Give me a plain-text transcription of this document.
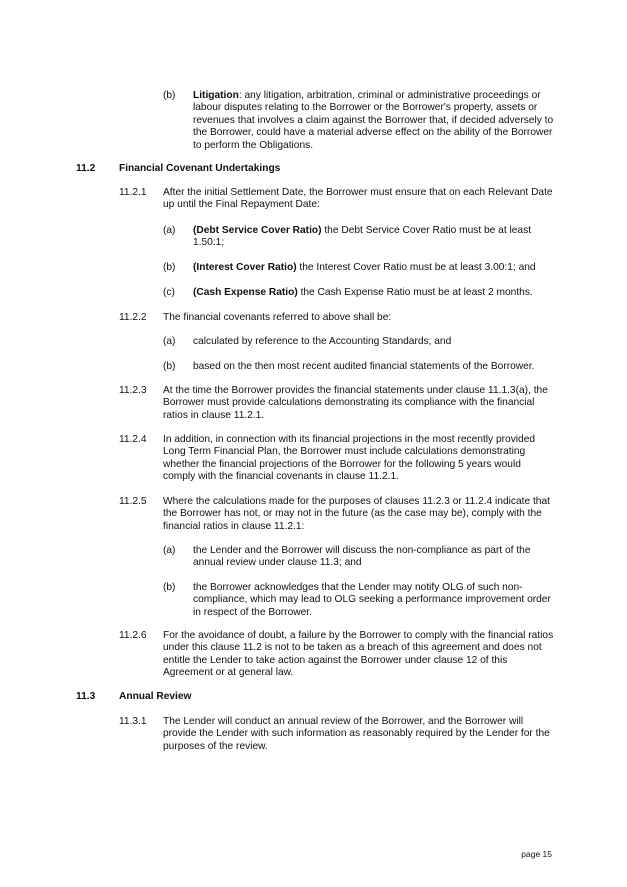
(b) Litigation: any litigation, arbitration, criminal or administrative proceedings or labour disputes relating to the Borrower or the Borrower's property, assets or revenues that involves a claim against the Borrower that, if decided adversely to the Borrower, could have a material adverse effect on the ability of the Borrower to perform the Obligations.
11.2 Financial Covenant Undertakings
11.2.1 After the initial Settlement Date, the Borrower must ensure that on each Relevant Date up until the Final Repayment Date:
(a) (Debt Service Cover Ratio) the Debt Service Cover Ratio must be at least 1.50:1;
(b) (Interest Cover Ratio) the Interest Cover Ratio must be at least 3.00:1; and
(c) (Cash Expense Ratio) the Cash Expense Ratio must be at least 2 months.
11.2.2 The financial covenants referred to above shall be:
(a) calculated by reference to the Accounting Standards; and
(b) based on the then most recent audited financial statements of the Borrower.
11.2.3 At the time the Borrower provides the financial statements under clause 11.1.3(a), the Borrower must provide calculations demonstrating its compliance with the financial ratios in clause 11.2.1.
11.2.4 In addition, in connection with its financial projections in the most recently provided Long Term Financial Plan, the Borrower must include calculations demonstrating whether the financial projections of the Borrower for the following 5 years would comply with the financial covenants in clause 11.2.1.
11.2.5 Where the calculations made for the purposes of clauses 11.2.3 or 11.2.4 indicate that the Borrower has not, or may not in the future (as the case may be), comply with the financial ratios in clause 11.2.1:
(a) the Lender and the Borrower will discuss the non-compliance as part of the annual review under clause 11.3; and
(b) the Borrower acknowledges that the Lender may notify OLG of such non-compliance, which may lead to OLG seeking a performance improvement order in respect of the Borrower.
11.2.6 For the avoidance of doubt, a failure by the Borrower to comply with the financial ratios under this clause 11.2 is not to be taken as a breach of this agreement and does not entitle the Lender to take action against the Borrower under clause 12 of this Agreement or at general law.
11.3 Annual Review
11.3.1 The Lender will conduct an annual review of the Borrower, and the Borrower will provide the Lender with such information as reasonably required by the Lender for the purposes of the review.
page 15
